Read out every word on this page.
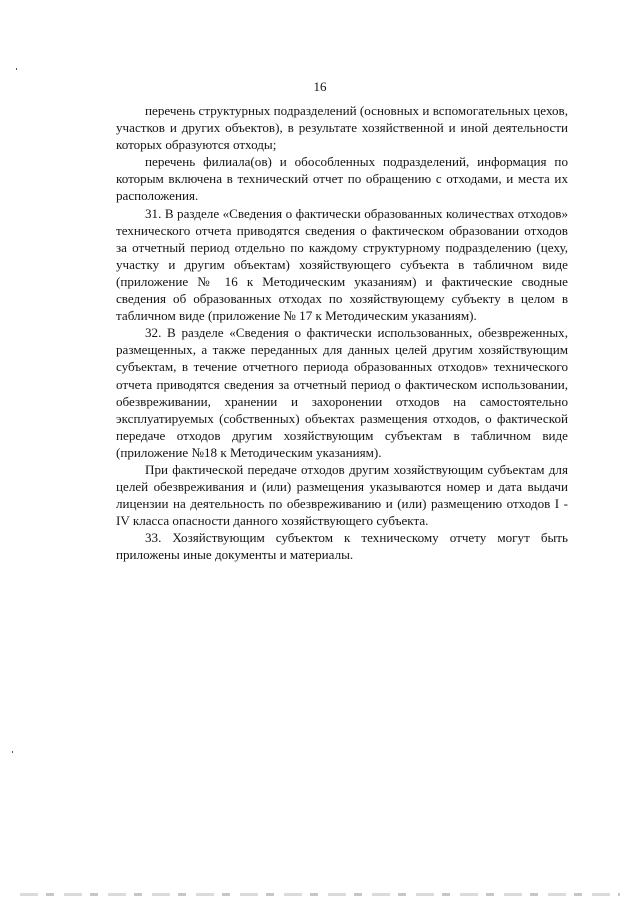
16

перечень структурных подразделений (основных и вспомогательных цехов, участков и других объектов), в результате хозяйственной и иной деятельности которых образуются отходы;

перечень филиала(ов) и обособленных подразделений, информация по которым включена в технический отчет по обращению с отходами, и места их расположения.

31. В разделе «Сведения о фактически образованных количествах отходов» технического отчета приводятся сведения о фактическом образовании отходов за отчетный период отдельно по каждому структурному подразделению (цеху, участку и другим объектам) хозяйствующего субъекта в табличном виде (приложение № 16 к Методическим указаниям) и фактические сводные сведения об образованных отходах по хозяйствующему субъекту в целом в табличном виде (приложение № 17 к Методическим указаниям).

32. В разделе «Сведения о фактически использованных, обезвреженных, размещенных, а также переданных для данных целей другим хозяйствующим субъектам, в течение отчетного периода образованных отходов» технического отчета приводятся сведения за отчетный период о фактическом использовании, обезвреживании, хранении и захоронении отходов на самостоятельно эксплуатируемых (собственных) объектах размещения отходов, о фактической передаче отходов другим хозяйствующим субъектам в табличном виде (приложение №18 к Методическим указаниям).

При фактической передаче отходов другим хозяйствующим субъектам для целей обезвреживания и (или) размещения указываются номер и дата выдачи лицензии на деятельность по обезвреживанию и (или) размещению отходов I - IV класса опасности данного хозяйствующего субъекта.

33. Хозяйствующим субъектом к техническому отчету могут быть приложены иные документы и материалы.
